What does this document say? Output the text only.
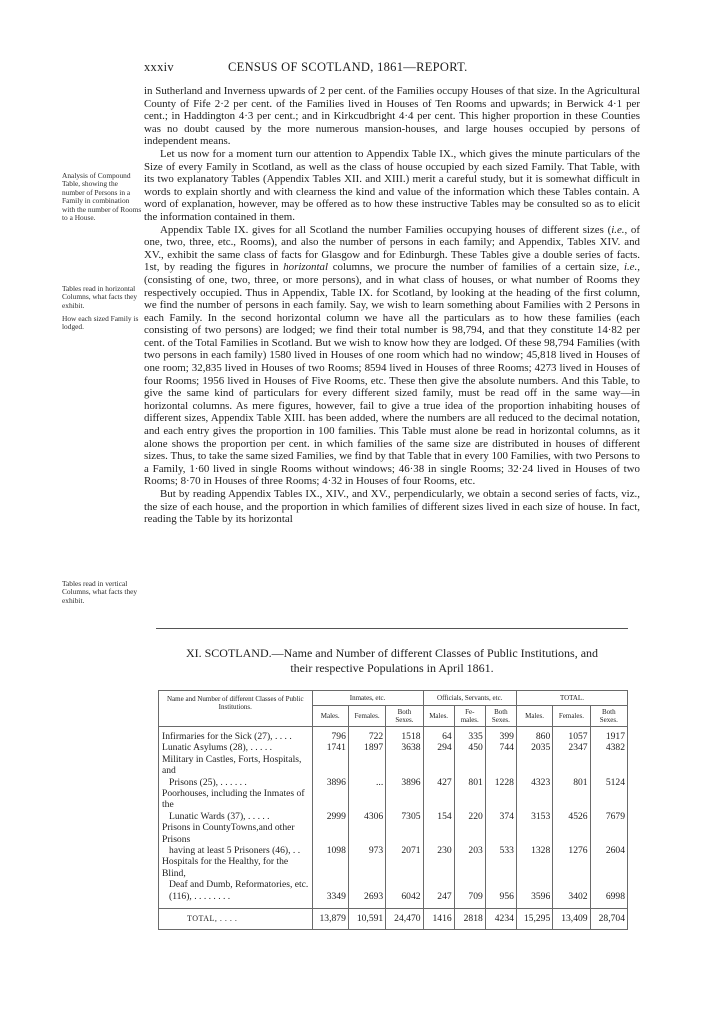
xxxiv	CENSUS OF SCOTLAND, 1861—REPORT.
Analysis of Compound Table, showing the number of Persons in a Family in combination with the number of Rooms to a House.
Tables read in horizontal Columns, what facts they exhibit.
How each sized Family is lodged.
Tables read in vertical Columns, what facts they exhibit.

in Sutherland and Inverness upwards of 2 per cent. of the Families occupy Houses of that size. In the Agricultural County of Fife 2·2 per cent. of the Families lived in Houses of Ten Rooms and upwards; in Berwick 4·1 per cent.; in Haddington 4·3 per cent.; and in Kirkcudbright 4·4 per cent. This higher proportion in these Counties was no doubt caused by the more numerous mansion-houses, and large houses occupied by persons of independent means.

Let us now for a moment turn our attention to Appendix Table IX., which gives the minute particulars of the Size of every Family in Scotland, as well as the class of house occupied by each sized Family. That Table, with its two explanatory Tables (Appendix Tables XII. and XIII.) merit a careful study, but it is somewhat difficult in words to explain shortly and with clearness the kind and value of the information which these Tables contain. A word of explanation, however, may be offered as to how these instructive Tables may be consulted so as to elicit the information contained in them.

Appendix Table IX. gives for all Scotland the number Families occupying houses of different sizes (i.e., of one, two, three, etc., Rooms), and also the number of persons in each family; and Appendix, Tables XIV. and XV., exhibit the same class of facts for Glasgow and for Edinburgh. These Tables give a double series of facts. 1st, by reading the figures in horizontal columns, we procure the number of families of a certain size, i.e., (consisting of one, two, three, or more persons), and in what class of houses, or what number of Rooms they respectively occupied. Thus in Appendix, Table IX. for Scotland, by looking at the heading of the first column, we find the number of persons in each family. Say, we wish to learn something about Families with 2 Persons in each Family. In the second horizontal column we have all the particulars as to how these families (each consisting of two persons) are lodged; we find their total number is 98,794, and that they constitute 14·82 per cent. of the Total Families in Scotland. But we wish to know how they are lodged. Of these 98,794 Families (with two persons in each family) 1580 lived in Houses of one room which had no window; 45,818 lived in Houses of one room; 32,835 lived in Houses of two Rooms; 8594 lived in Houses of three Rooms; 4273 lived in Houses of four Rooms; 1956 lived in Houses of Five Rooms, etc. These then give the absolute numbers. And this Table, to give the same kind of particulars for every different sized family, must be read off in the same way—in horizontal columns. As mere figures, however, fail to give a true idea of the proportion inhabiting houses of different sizes, Appendix Table XIII. has been added, where the numbers are all reduced to the decimal notation, and each entry gives the proportion in 100 families. This Table must alone be read in horizontal columns, as it alone shows the proportion per cent. in which families of the same size are distributed in houses of different sizes. Thus, to take the same sized Families, we find by that Table that in every 100 Families, with two Persons to a Family, 1·60 lived in single Rooms without windows; 46·38 in single Rooms; 32·24 lived in Houses of two Rooms; 8·70 in Houses of three Rooms; 4·32 in Houses of four Rooms, etc.

But by reading Appendix Tables IX., XIV., and XV., perpendicularly, we obtain a second series of facts, viz., the size of each house, and the proportion in which families of different sizes lived in each size of house. In fact, reading the Table by its horizontal

XI. SCOTLAND.—Name and Number of different Classes of Public Institutions, and
their respective Populations in April 1861.
Name and Number of different Classes of Public Institutions.	Inmates, etc.			Officials, Servants, etc.			TOTAL.		
	Males.	Females.	Both Sexes.	Males.	Fe-males.	Both Sexes.	Males.	Females.	Both Sexes.
Infirmaries for the Sick (27), . . . .	796	722	1518	64	335	399	860	1057	1917
Lunatic Asylums (28), . . . . .	1741	1897	3638	294	450	744	2035	2347	4382
Military in Castles, Forts, Hospitals, and									
Prisons (25), . . . . . .	3896	...	3896	427	801	1228	4323	801	5124
Poorhouses, including the Inmates of the									
Lunatic Wards (37), . . . . .	2999	4306	7305	154	220	374	3153	4526	7679
Prisons in CountyTowns,and other Prisons									
having at least 5 Prisoners (46), . .	1098	973	2071	230	203	533	1328	1276	2604
Hospitals for the Healthy, for the Blind,									
Deaf and Dumb, Reformatories, etc.									
(116), . . . . . . . .	3349	2693	6042	247	709	956	3596	3402	6998
TOTAL, . . . .	13,879	10,591	24,470	1416	2818	4234	15,295	13,409	28,704
